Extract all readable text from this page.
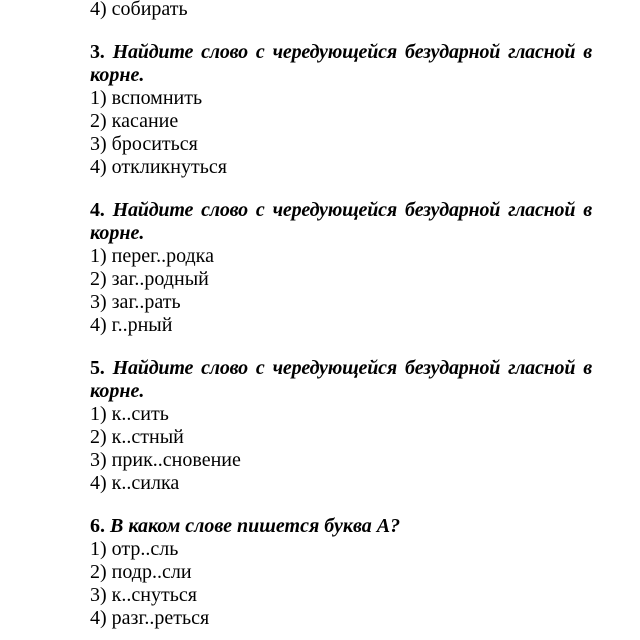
4) собирать
3. Найдите слово с чередующейся безударной гласной в
корне.
1) вспомнить
2) касание
3) броситься
4) откликнуться
4. Найдите слово с чередующейся безударной гласной в
корне.
1) перег..родка
2) заг..родный
3) заг..рать
4) г..рный
5. Найдите слово с чередующейся безударной гласной в
корне.
1) к..сить
2) к..стный
3) прик..сновение
4) к..силка
6. В каком слове пишется буква А?
1) отр..сль
2) подр..сли
3) к..снуться
4) разг..реться
